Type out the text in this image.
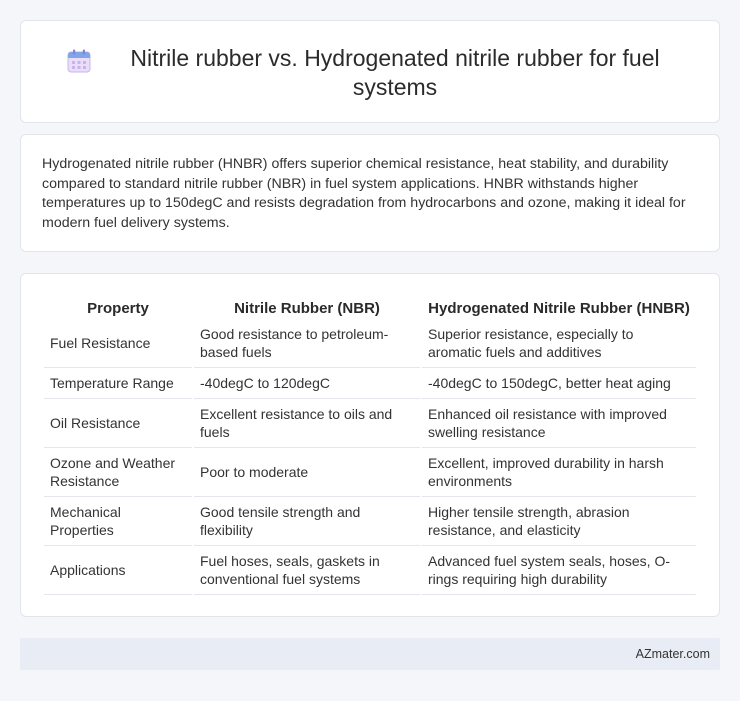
Nitrile rubber vs. Hydrogenated nitrile rubber for fuel systems

Hydrogenated nitrile rubber (HNBR) offers superior chemical resistance, heat stability, and durability compared to standard nitrile rubber (NBR) in fuel system applications. HNBR withstands higher temperatures up to 150degC and resists degradation from hydrocarbons and ozone, making it ideal for modern fuel delivery systems.

Property	Nitrile Rubber (NBR)	Hydrogenated Nitrile Rubber (HNBR)
Fuel Resistance	Good resistance to petroleum-based fuels	Superior resistance, especially to aromatic fuels and additives
Temperature Range	-40degC to 120degC	-40degC to 150degC, better heat aging
Oil Resistance	Excellent resistance to oils and fuels	Enhanced oil resistance with improved swelling resistance
Ozone and Weather Resistance	Poor to moderate	Excellent, improved durability in harsh environments
Mechanical Properties	Good tensile strength and flexibility	Higher tensile strength, abrasion resistance, and elasticity
Applications	Fuel hoses, seals, gaskets in conventional fuel systems	Advanced fuel system seals, hoses, O-rings requiring high durability
AZmater.com
